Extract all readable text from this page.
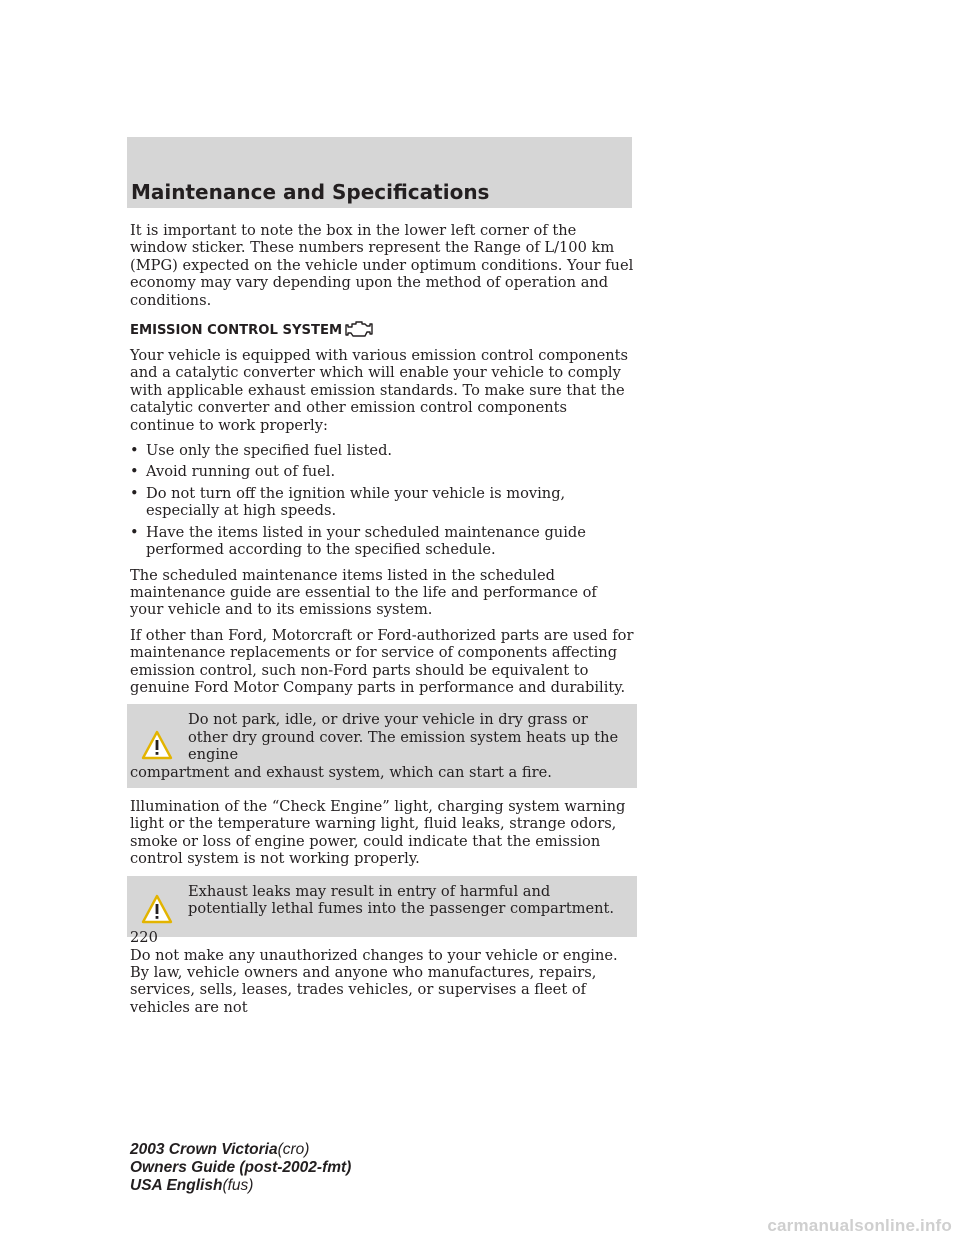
Maintenance and Specifications

It is important to note the box in the lower left corner of the window sticker. These numbers represent the Range of L/100 km (MPG) expected on the vehicle under optimum conditions. Your fuel economy may vary depending upon the method of operation and conditions.

EMISSION CONTROL SYSTEM

Your vehicle is equipped with various emission control components and a catalytic converter which will enable your vehicle to comply with applicable exhaust emission standards. To make sure that the catalytic converter and other emission control components continue to work properly:

• Use only the specified fuel listed.
• Avoid running out of fuel.
• Do not turn off the ignition while your vehicle is moving, especially at high speeds.
• Have the items listed in your scheduled maintenance guide performed according to the specified schedule.

The scheduled maintenance items listed in the scheduled maintenance guide are essential to the life and performance of your vehicle and to its emissions system.

If other than Ford, Motorcraft or Ford-authorized parts are used for maintenance replacements or for service of components affecting emission control, such non-Ford parts should be equivalent to genuine Ford Motor Company parts in performance and durability.

Do not park, idle, or drive your vehicle in dry grass or other dry ground cover. The emission system heats up the engine
compartment and exhaust system, which can start a fire.

Illumination of the “Check Engine” light, charging system warning light or the temperature warning light, fluid leaks, strange odors, smoke or loss of engine power, could indicate that the emission control system is not working properly.

Exhaust leaks may result in entry of harmful and potentially lethal fumes into the passenger compartment.

Do not make any unauthorized changes to your vehicle or engine. By law, vehicle owners and anyone who manufactures, repairs, services, sells, leases, trades vehicles, or supervises a fleet of vehicles are not

220
2003 Crown Victoria(cro)
Owners Guide (post-2002-fmt)
USA English(fus)
carmanualsonline.info
